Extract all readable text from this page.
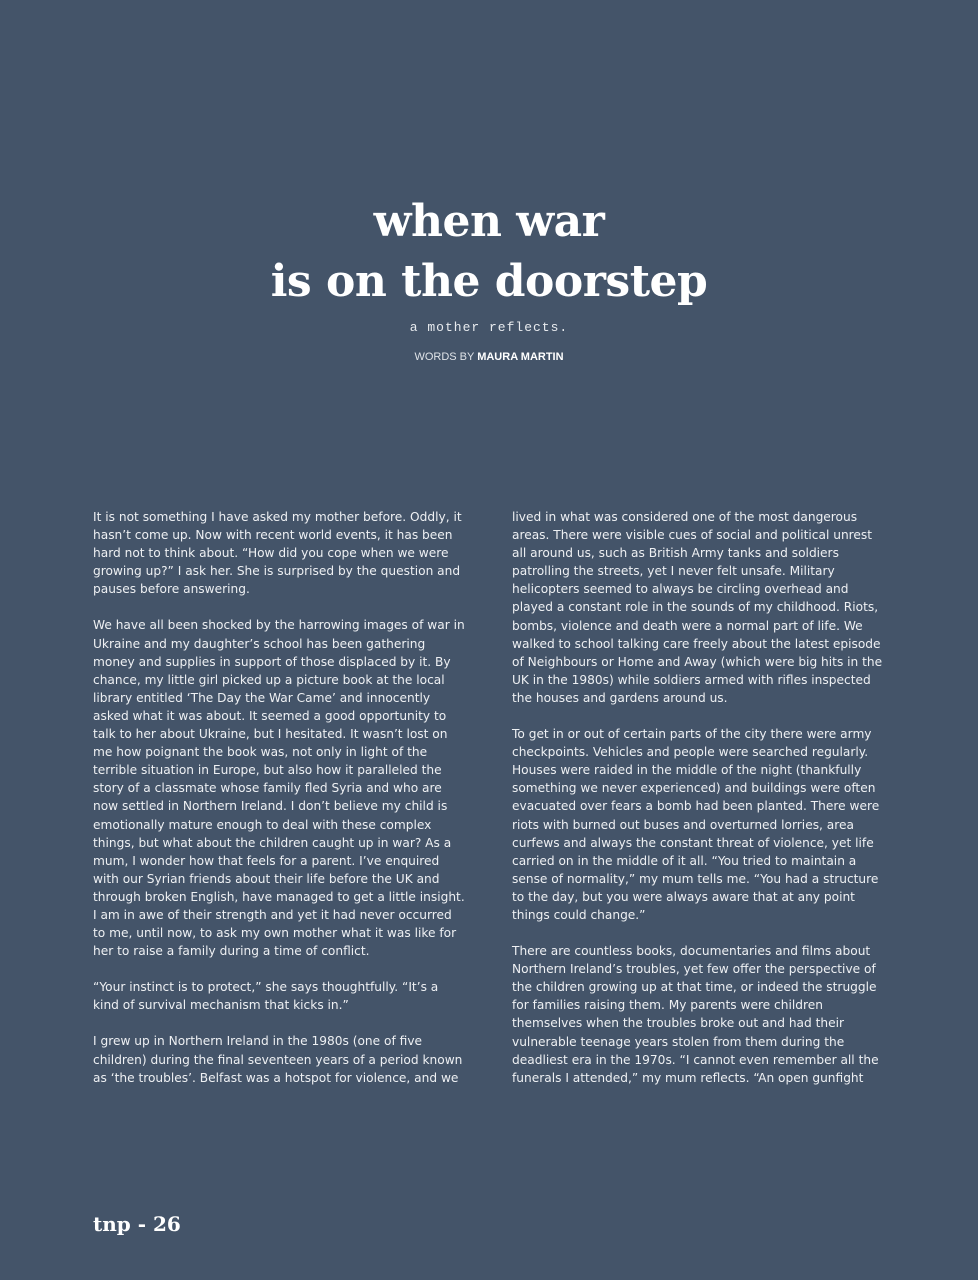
when war
is on the doorstep
a mother reflects.
WORDS BY MAURA MARTIN

It is not something I have asked my mother before. Oddly, it hasn’t come up. Now with recent world events, it has been hard not to think about. “How did you cope when we were growing up?” I ask her. She is surprised by the question and pauses before answering.

We have all been shocked by the harrowing images of war in Ukraine and my daughter’s school has been gathering money and supplies in support of those displaced by it. By chance, my little girl picked up a picture book at the local library entitled ‘The Day the War Came’ and innocently asked what it was about. It seemed a good opportunity to talk to her about Ukraine, but I hesitated. It wasn’t lost on me how poignant the book was, not only in light of the terrible situation in Europe, but also how it paralleled the story of a classmate whose family fled Syria and who are now settled in Northern Ireland. I don’t believe my child is emotionally mature enough to deal with these complex things, but what about the children caught up in war? As a mum, I wonder how that feels for a parent. I’ve enquired with our Syrian friends about their life before the UK and through broken English, have managed to get a little insight. I am in awe of their strength and yet it had never occurred to me, until now, to ask my own mother what it was like for her to raise a family during a time of conflict.

“Your instinct is to protect,” she says thoughtfully. “It’s a kind of survival mechanism that kicks in.”

I grew up in Northern Ireland in the 1980s (one of five children) during the final seventeen years of a period known as ‘the troubles’. Belfast was a hotspot for violence, and we

lived in what was considered one of the most dangerous areas. There were visible cues of social and political unrest all around us, such as British Army tanks and soldiers patrolling the streets, yet I never felt unsafe. Military helicopters seemed to always be circling overhead and played a constant role in the sounds of my childhood. Riots, bombs, violence and death were a normal part of life. We walked to school talking care freely about the latest episode of Neighbours or Home and Away (which were big hits in the UK in the 1980s) while soldiers armed with rifles inspected the houses and gardens around us.

To get in or out of certain parts of the city there were army checkpoints. Vehicles and people were searched regularly. Houses were raided in the middle of the night (thankfully something we never experienced) and buildings were often evacuated over fears a bomb had been planted. There were riots with burned out buses and overturned lorries, area curfews and always the constant threat of violence, yet life carried on in the middle of it all. “You tried to maintain a sense of normality,” my mum tells me. “You had a structure to the day, but you were always aware that at any point things could change.”

There are countless books, documentaries and films about Northern Ireland’s troubles, yet few offer the perspective of the children growing up at that time, or indeed the struggle for families raising them. My parents were children themselves when the troubles broke out and had their vulnerable teenage years stolen from them during the deadliest era in the 1970s. “I cannot even remember all the funerals I attended,” my mum reflects. “An open gunfight

tnp - 26
